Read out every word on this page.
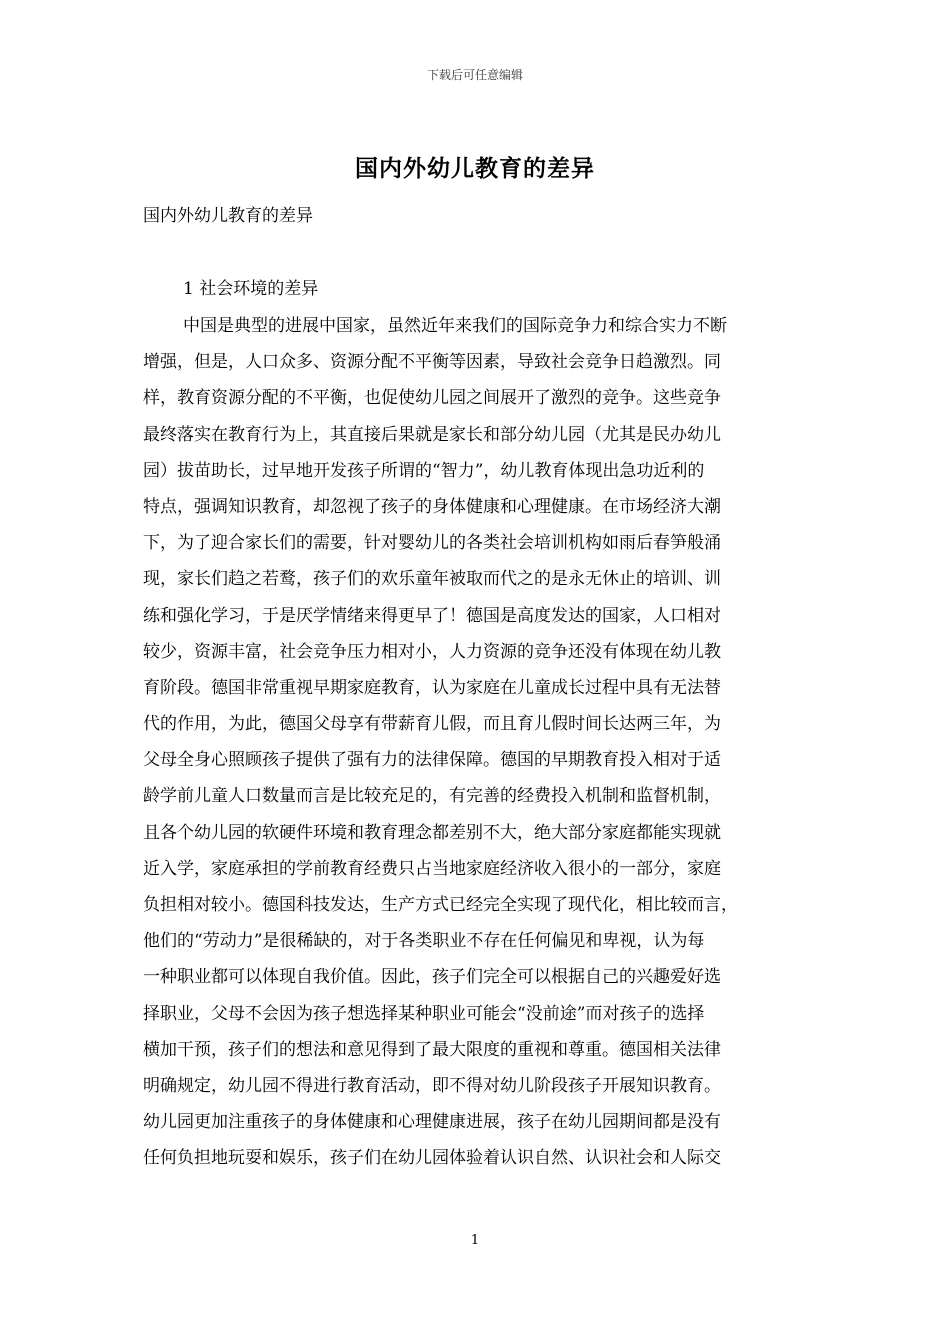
下载后可任意编辑
国内外幼儿教育的差异
国内外幼儿教育的差异
1 社会环境的差异
中国是典型的进展中国家，虽然近年来我们的国际竞争力和综合实力不断
增强，但是，人口众多、资源分配不平衡等因素，导致社会竞争日趋激烈。同
样，教育资源分配的不平衡，也促使幼儿园之间展开了激烈的竞争。这些竞争
最终落实在教育行为上，其直接后果就是家长和部分幼儿园（尤其是民办幼儿
园）拔苗助长，过早地开发孩子所谓的“智力”，幼儿教育体现出急功近利的
特点，强调知识教育，却忽视了孩子的身体健康和心理健康。在市场经济大潮
下，为了迎合家长们的需要，针对婴幼儿的各类社会培训机构如雨后春笋般涌
现，家长们趋之若鹜，孩子们的欢乐童年被取而代之的是永无休止的培训、训
练和强化学习，于是厌学情绪来得更早了！德国是高度发达的国家，人口相对
较少，资源丰富，社会竞争压力相对小，人力资源的竞争还没有体现在幼儿教
育阶段。德国非常重视早期家庭教育，认为家庭在儿童成长过程中具有无法替
代的作用，为此，德国父母享有带薪育儿假，而且育儿假时间长达两三年，为
父母全身心照顾孩子提供了强有力的法律保障。德国的早期教育投入相对于适
龄学前儿童人口数量而言是比较充足的，有完善的经费投入机制和监督机制，
且各个幼儿园的软硬件环境和教育理念都差别不大，绝大部分家庭都能实现就
近入学，家庭承担的学前教育经费只占当地家庭经济收入很小的一部分，家庭
负担相对较小。德国科技发达，生产方式已经完全实现了现代化，相比较而言，
他们的“劳动力”是很稀缺的，对于各类职业不存在任何偏见和卑视，认为每
一种职业都可以体现自我价值。因此，孩子们完全可以根据自己的兴趣爱好选
择职业，父母不会因为孩子想选择某种职业可能会“没前途”而对孩子的选择
横加干预，孩子们的想法和意见得到了最大限度的重视和尊重。德国相关法律
明确规定，幼儿园不得进行教育活动，即不得对幼儿阶段孩子开展知识教育。
幼儿园更加注重孩子的身体健康和心理健康进展，孩子在幼儿园期间都是没有
任何负担地玩耍和娱乐，孩子们在幼儿园体验着认识自然、认识社会和人际交
1
